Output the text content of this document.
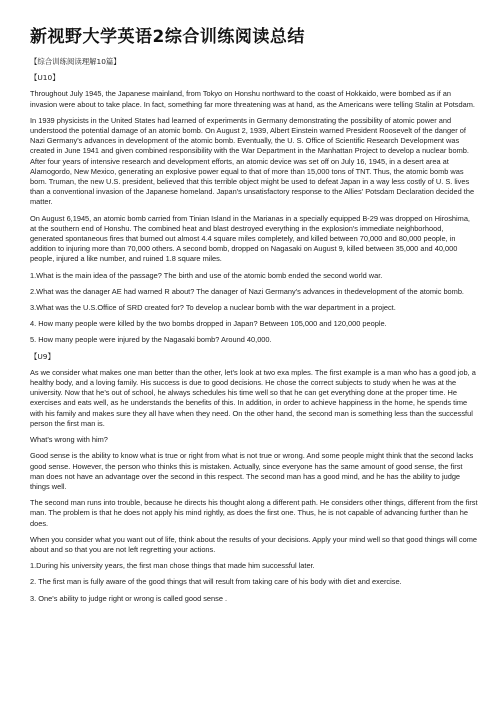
新视野大学英语2综合训练阅读总结

【综合训练阅读理解10篇】

【U10】

Throughout July 1945, the Japanese mainland, from Tokyo on Honshu northward to the coast of Hokkaido, were bombed as if an invasion were about to take place. In fact, something far more threatening was at hand, as the Americans were telling Stalin at Potsdam.

In 1939 physicists in the United States had learned of experiments in Germany demonstrating the possibility of atomic power and understood the potential damage of an atomic bomb. On August 2, 1939, Albert Einstein warned President Roosevelt of the danger of Nazi Germany's advances in development of the atomic bomb. Eventually, the U. S. Office of Scientific Research Development was created in June 1941 and given combined responsibility with the War Department in the Manhattan Project to develop a nuclear bomb. After four years of intensive research and development efforts, an atomic device was set off on July 16, 1945, in a desert area at Alamogordo, New Mexico, generating an explosive power equal to that of more than 15,000 tons of TNT. Thus, the atomic bomb was born. Truman, the new U.S. president, believed that this terrible object might be used to defeat Japan in a way less costly of U. S. lives than a conventional invasion of the Japanese homeland. Japan's unsatisfactory response to the Allies' Potsdam Declaration decided the matter.

On August 6,1945, an atomic bomb carried from Tinian Island in the Marianas in a specially equipped B-29 was dropped on Hiroshima, at the southern end of Honshu. The combined heat and blast destroyed everything in the explosion's immediate neighborhood, generated spontaneous fires that burned out almost 4.4 square miles completely, and killed between 70,000 and 80,000 people, in addition to injuring more than 70,000 others. A second bomb, dropped on Nagasaki on August 9, killed between 35,000 and 40,000 people, injured a like number, and ruined 1.8 square miles.

1.What is the main idea of the passage? The birth and use of the atomic bomb ended the second world war.

2.What was the danager AE had warned R about? The danager of Nazi Germany’s advances in thedevelopment of the atomic bomb.

3.What was the U.S.Office of SRD created for? To develop a nuclear bomb with the war department in a project.

4. How many people were killed by the two bombs dropped in Japan? Between 105,000 and 120,000 people.

5. How many people were injured by the Nagasaki bomb? Around 40,000.

【U9】

As we consider what makes one man better than the other, let’s look at two exa mples. The first example is a man who has a good job, a healthy body, and a loving family. His success is due to good decisions. He chose the correct subjects to study when he was at the university. Now that he’s out of school, he always schedules his time well so that he can get everything done at the proper time. He exercises and eats well, as he understands the benefits of this. In addition, in order to achieve happiness in the home, he spends time with his family and makes sure they all have when they need. On the other hand, the second man is something less than the successful person the first man is.

What’s wrong with him?

Good sense is the ability to know what is true or right from what is not true or wrong. And some people might think that the second lacks good sense. However, the person who thinks this is mistaken. Actually, since everyone has the same amount of good sense, the first man does not have an advantage over the second in this respect. The second man has a good mind, and he has the ability to judge things well.

The second man runs into trouble, because he directs his thought along a different path. He considers other things, different from the first man. The problem is that he does not apply his mind rightly, as does the first one. Thus, he is not capable of advancing further than he does.

When you consider what you want out of life, think about the results of your decisions. Apply your mind well so that good things will come about and so that you are not left regretting your actions.

1.During his university years, the first man chose things that made him successful later.

2. The first man is fully aware of the good things that will result from taking care of his body with diet and exercise.

3. One’s ability to judge right or wrong is called good sense .
